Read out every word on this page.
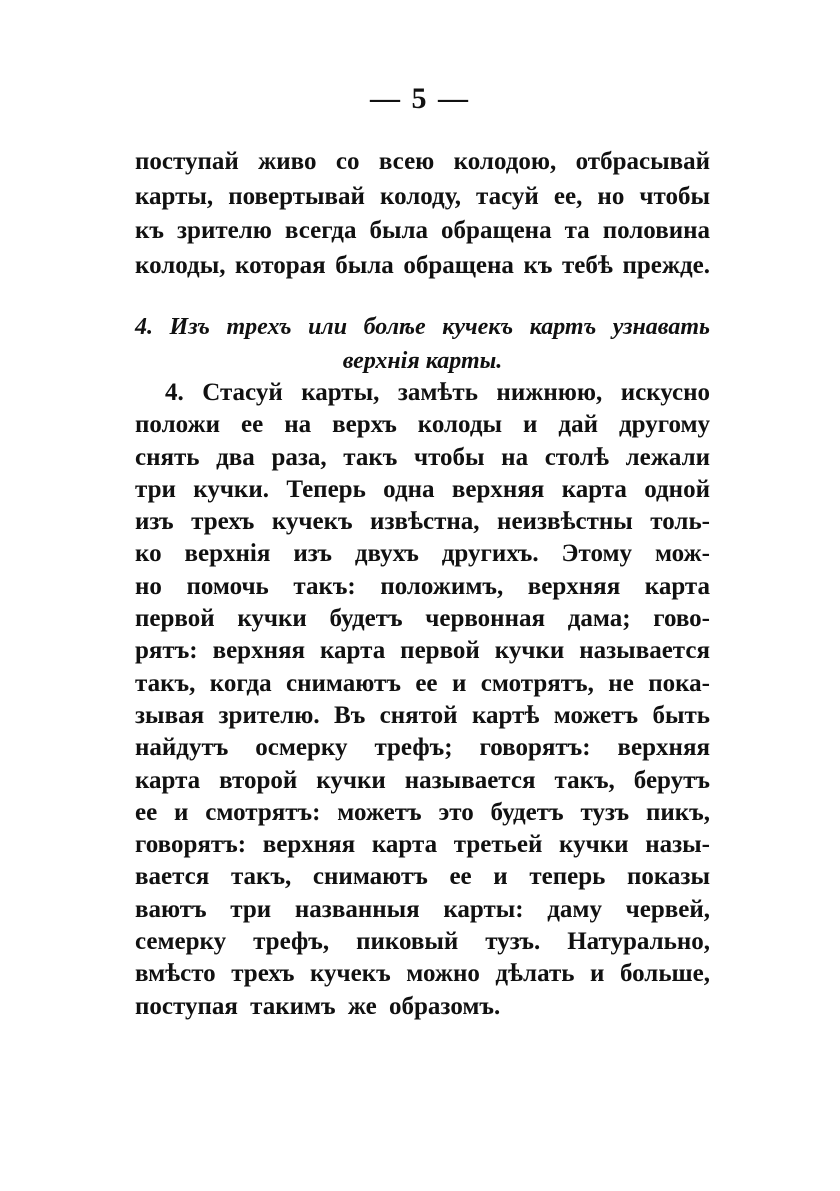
— 5 —
поступай живо со всею колодою, отбрасывай
карты, повертывай колоду, тасуй ее, но чтобы
къ зрителю всегда была обращена та половина
колоды, которая была обращена къ тебѣ прежде.
4. Изъ трехъ или болѣе кучекъ картъ узнавать
верхнія карты.
4. Стасуй карты, замѣть нижнюю, искусно
положи ее на верхъ колоды и дай другому
снять два раза, такъ чтобы на столѣ лежали
три кучки. Теперь одна верхняя карта одной
изъ трехъ кучекъ извѣстна, неизвѣстны толь-
ко верхнія изъ двухъ другихъ. Этому мож-
но помочь такъ: положимъ, верхняя карта
первой кучки будетъ червонная дама; гово-
рятъ: верхняя карта первой кучки называется
такъ, когда снимаютъ ее и смотрятъ, не пока-
зывая зрителю. Въ снятой картѣ можетъ быть
найдутъ осмерку трефъ; говорятъ: верхняя
карта второй кучки называется такъ, берутъ
ее и смотрятъ: можетъ это будетъ тузъ пикъ,
говорятъ: верхняя карта третьей кучки назы-
вается такъ, снимаютъ ее и теперь показы
ваютъ три названныя карты: даму червей,
семерку трефъ, пиковый тузъ. Натурально,
вмѣсто трехъ кучекъ можно дѣлать и больше,
поступая такимъ же образомъ.
